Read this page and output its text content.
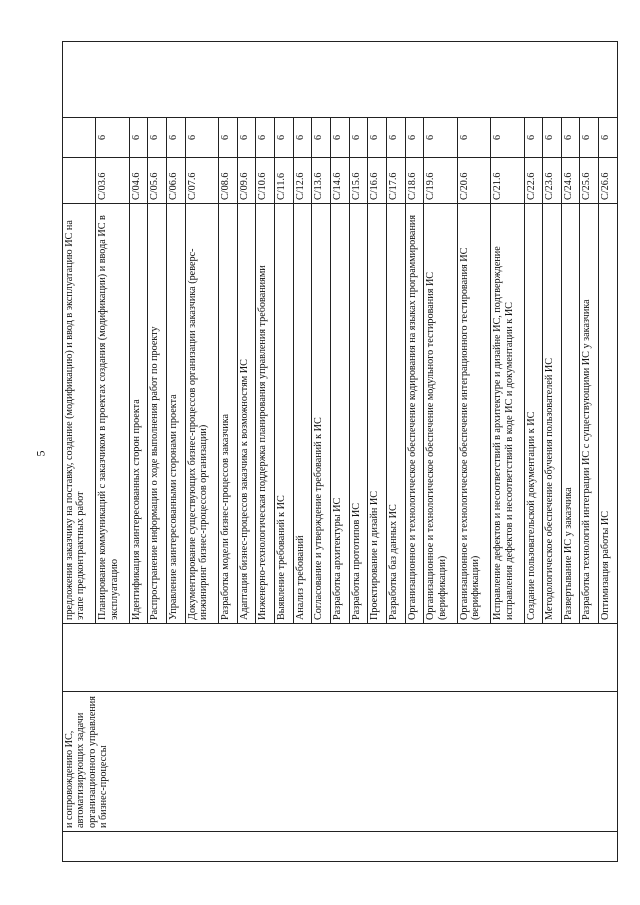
5
	и сопровождению ИС, автоматизирующих задачи организационного управления и бизнес-процессы		предложения заказчику на поставку, создание (модификацию) и ввод в эксплуатацию ИС на этапе предконтрактных работ			
			Планирование коммуникаций с заказчиком в проектах создания (модификации) и ввода ИС в эксплуатацию	C/03.6	6	
			Идентификация заинтересованных сторон проекта	C/04.6	6	
			Распространение информации о ходе выполнения работ по проекту	C/05.6	6	
			Управление заинтересованными сторонами проекта	C/06.6	6	
			Документирование существующих бизнес-процессов организации заказчика (реверс-инжиниринг бизнес-процессов организации)	C/07.6	6	
			Разработка модели бизнес-процессов заказчика	C/08.6	6	
			Адаптация бизнес-процессов заказчика к возможностям ИС	C/09.6	6	
			Инженерно-технологическая поддержка планирования управления требованиями	C/10.6	6	
			Выявление требований к ИС	C/11.6	6	
			Анализ требований	C/12.6	6	
			Согласование и утверждение требований к ИС	C/13.6	6	
			Разработка архитектуры ИС	C/14.6	6	
			Разработка прототипов ИС	C/15.6	6	
			Проектирование и дизайн ИС	C/16.6	6	
			Разработка баз данных ИС	C/17.6	6	
			Организационное и технологическое обеспечение кодирования на языках программирования	C/18.6	6	
			Организационное и технологическое обеспечение модульного тестирования ИС (верификации)	C/19.6	6	
			Организационное и технологическое обеспечение интеграционного тестирования ИС (верификации)	C/20.6	6	
			Исправление дефектов и несоответствий в архитектуре и дизайне ИС, подтверждение исправления дефектов и несоответствий в коде ИС и документации к ИС	C/21.6	6	
			Создание пользовательской документации к ИС	C/22.6	6	
			Методологическое обеспечение обучения пользователей ИС	C/23.6	6	
			Развертывание ИС у заказчика	C/24.6	6	
			Разработка технологий интеграции ИС с существующими ИС у заказчика	C/25.6	6	
			Оптимизация работы ИС	C/26.6	6	
